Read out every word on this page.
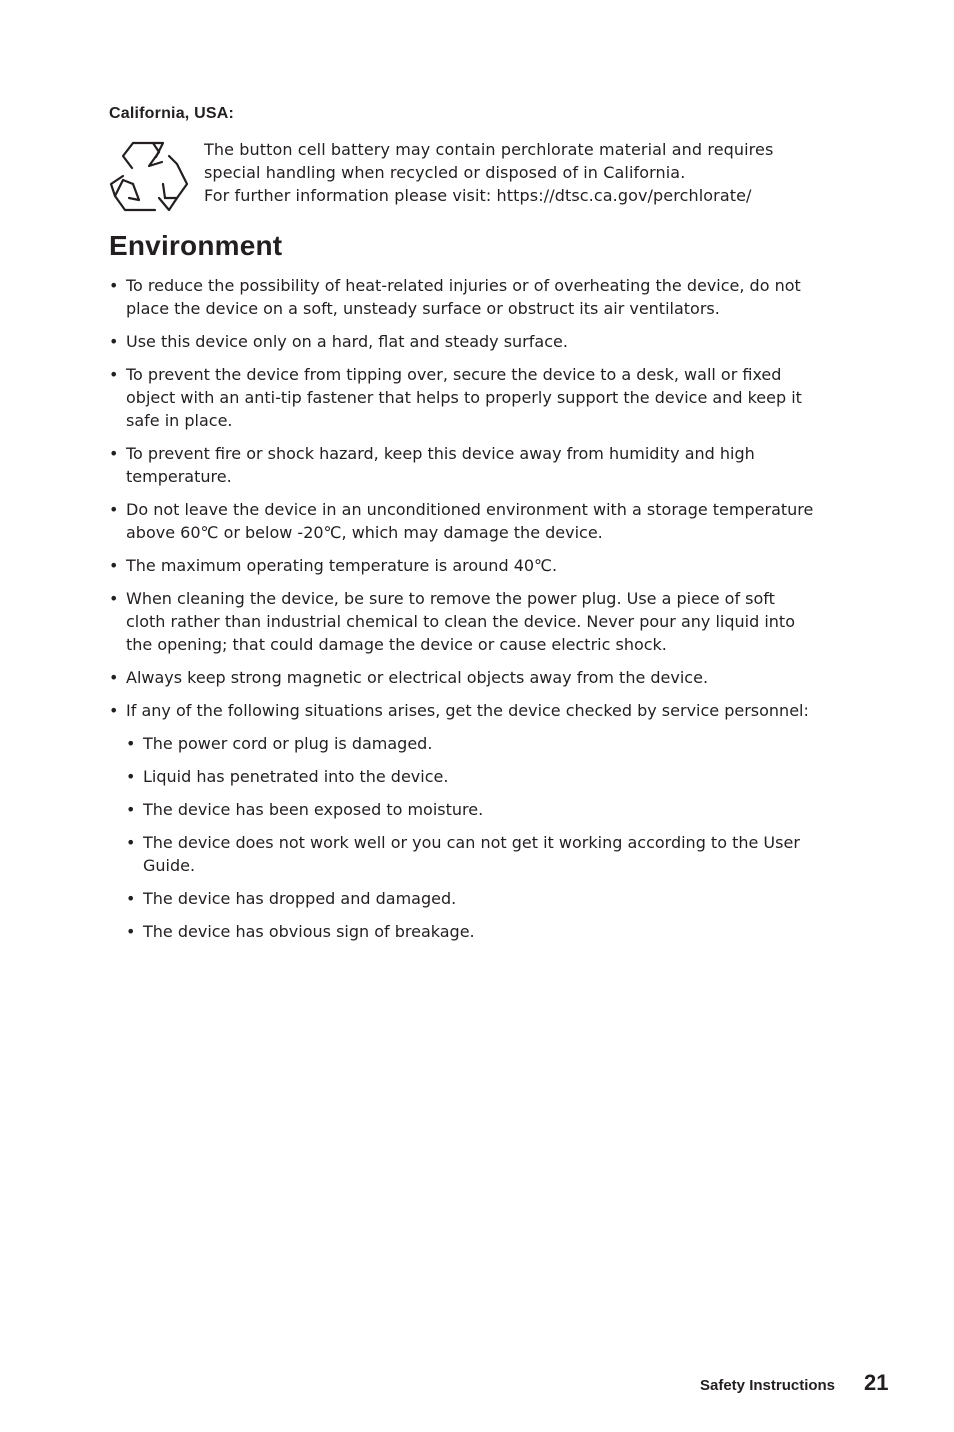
California, USA:

The button cell battery may contain perchlorate material and requires
special handling when recycled or disposed of in California.
For further information please visit: https://dtsc.ca.gov/perchlorate/

Environment
• To reduce the possibility of heat-related injuries or of overheating the device, do not
place the device on a soft, unsteady surface or obstruct its air ventilators.
• Use this device only on a hard, flat and steady surface.
• To prevent the device from tipping over, secure the device to a desk, wall or fixed
object with an anti-tip fastener that helps to properly support the device and keep it
safe in place.
• To prevent fire or shock hazard, keep this device away from humidity and high
temperature.
• Do not leave the device in an unconditioned environment with a storage temperature
above 60℃ or below -20℃, which may damage the device.
• The maximum operating temperature is around 40℃.
• When cleaning the device, be sure to remove the power plug. Use a piece of soft
cloth rather than industrial chemical to clean the device. Never pour any liquid into
the opening; that could damage the device or cause electric shock.
• Always keep strong magnetic or electrical objects away from the device.
• If any of the following situations arises, get the device checked by service personnel:
• The power cord or plug is damaged.
• Liquid has penetrated into the device.
• The device has been exposed to moisture.
• The device does not work well or you can not get it working according to the User
Guide.
• The device has dropped and damaged.
• The device has obvious sign of breakage.

Safety Instructions 21
